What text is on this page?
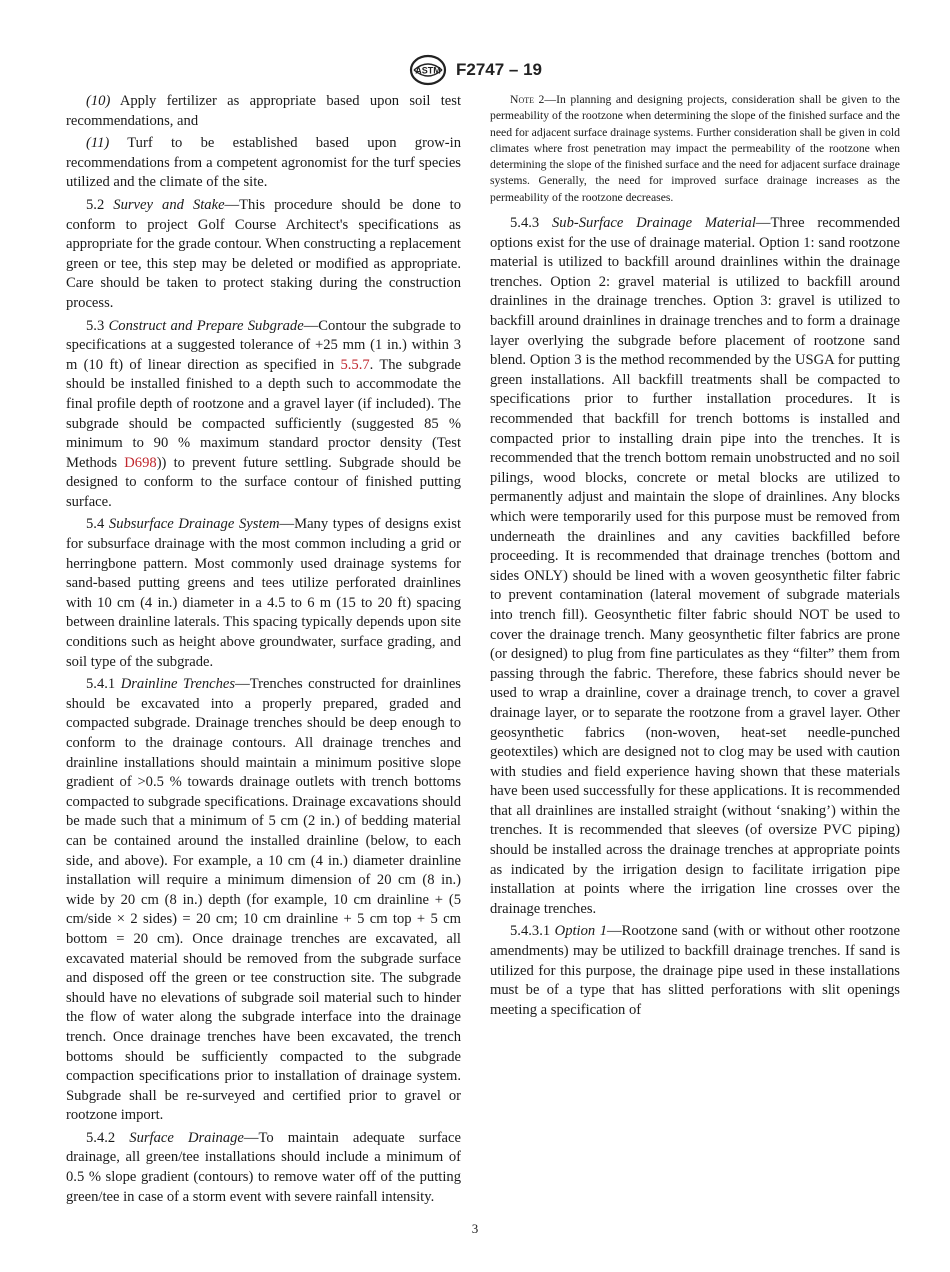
ASTM F2747 – 19

(10) Apply fertilizer as appropriate based upon soil test recommendations, and

(11) Turf to be established based upon grow-in recommendations from a competent agronomist for the turf species utilized and the climate of the site.

5.2 Survey and Stake—This procedure should be done to conform to project Golf Course Architect's specifications as appropriate for the grade contour. When constructing a replacement green or tee, this step may be deleted or modified as appropriate. Care should be taken to protect staking during the construction process.

5.3 Construct and Prepare Subgrade—Contour the subgrade to specifications at a suggested tolerance of +25 mm (1 in.) within 3 m (10 ft) of linear direction as specified in 5.5.7. The subgrade should be installed finished to a depth such to accommodate the final profile depth of rootzone and a gravel layer (if included). The subgrade should be compacted sufficiently (suggested 85 % minimum to 90 % maximum standard proctor density (Test Methods D698)) to prevent future settling. Subgrade should be designed to conform to the surface contour of finished putting surface.

5.4 Subsurface Drainage System—Many types of designs exist for subsurface drainage with the most common including a grid or herringbone pattern. Most commonly used drainage systems for sand-based putting greens and tees utilize perforated drainlines with 10 cm (4 in.) diameter in a 4.5 to 6 m (15 to 20 ft) spacing between drainline laterals. This spacing typically depends upon site conditions such as height above groundwater, surface grading, and soil type of the subgrade.

5.4.1 Drainline Trenches—Trenches constructed for drainlines should be excavated into a properly prepared, graded and compacted subgrade. Drainage trenches should be deep enough to conform to the drainage contours. All drainage trenches and drainline installations should maintain a minimum positive slope gradient of >0.5 % towards drainage outlets with trench bottoms compacted to subgrade specifications. Drainage excavations should be made such that a minimum of 5 cm (2 in.) of bedding material can be contained around the installed drainline (below, to each side, and above). For example, a 10 cm (4 in.) diameter drainline installation will require a minimum dimension of 20 cm (8 in.) wide by 20 cm (8 in.) depth (for example, 10 cm drainline + (5 cm/side × 2 sides) = 20 cm; 10 cm drainline + 5 cm top + 5 cm bottom = 20 cm). Once drainage trenches are excavated, all excavated material should be removed from the subgrade surface and disposed off the green or tee construction site. The subgrade should have no elevations of subgrade soil material such to hinder the flow of water along the subgrade interface into the drainage trench. Once drainage trenches have been excavated, the trench bottoms should be sufficiently compacted to the subgrade compaction specifications prior to installation of drainage system. Subgrade shall be re-surveyed and certified prior to gravel or rootzone import.

5.4.2 Surface Drainage—To maintain adequate surface drainage, all green/tee installations should include a minimum of 0.5 % slope gradient (contours) to remove water off of the putting green/tee in case of a storm event with severe rainfall intensity.

Note 2—In planning and designing projects, consideration shall be given to the permeability of the rootzone when determining the slope of the finished surface and the need for adjacent surface drainage systems. Further consideration shall be given in cold climates where frost penetration may impact the permeability of the rootzone when determining the slope of the finished surface and the need for adjacent surface drainage systems. Generally, the need for improved surface drainage increases as the permeability of the rootzone decreases.

5.4.3 Sub-Surface Drainage Material—Three recommended options exist for the use of drainage material. Option 1: sand rootzone material is utilized to backfill around drainlines within the drainage trenches. Option 2: gravel material is utilized to backfill around drainlines in the drainage trenches. Option 3: gravel is utilized to backfill around drainlines in drainage trenches and to form a drainage layer overlying the subgrade before placement of rootzone sand blend. Option 3 is the method recommended by the USGA for putting green installations. All backfill treatments shall be compacted to specifications prior to further installation procedures. It is recommended that backfill for trench bottoms is installed and compacted prior to installing drain pipe into the trenches. It is recommended that the trench bottom remain unobstructed and no soil pilings, wood blocks, concrete or metal blocks are utilized to permanently adjust and maintain the slope of drainlines. Any blocks which were temporarily used for this purpose must be removed from underneath the drainlines and any cavities backfilled before proceeding. It is recommended that drainage trenches (bottom and sides ONLY) should be lined with a woven geosynthetic filter fabric to prevent contamination (lateral movement of subgrade materials into trench fill). Geosynthetic filter fabric should NOT be used to cover the drainage trench. Many geosynthetic filter fabrics are prone (or designed) to plug from fine particulates as they “filter” them from passing through the fabric. Therefore, these fabrics should never be used to wrap a drainline, cover a drainage trench, to cover a gravel drainage layer, or to separate the rootzone from a gravel layer. Other geosynthetic fabrics (non-woven, heat-set needle-punched geotextiles) which are designed not to clog may be used with caution with studies and field experience having shown that these materials have been used successfully for these applications. It is recommended that all drainlines are installed straight (without ‘snaking’) within the trenches. It is recommended that sleeves (of oversize PVC piping) should be installed across the drainage trenches at appropriate points as indicated by the irrigation design to facilitate irrigation pipe installation at points where the irrigation line crosses over the drainage trenches.

5.4.3.1 Option 1—Rootzone sand (with or without other rootzone amendments) may be utilized to backfill drainage trenches. If sand is utilized for this purpose, the drainage pipe used in these installations must be of a type that has slitted perforations with slit openings meeting a specification of

3
